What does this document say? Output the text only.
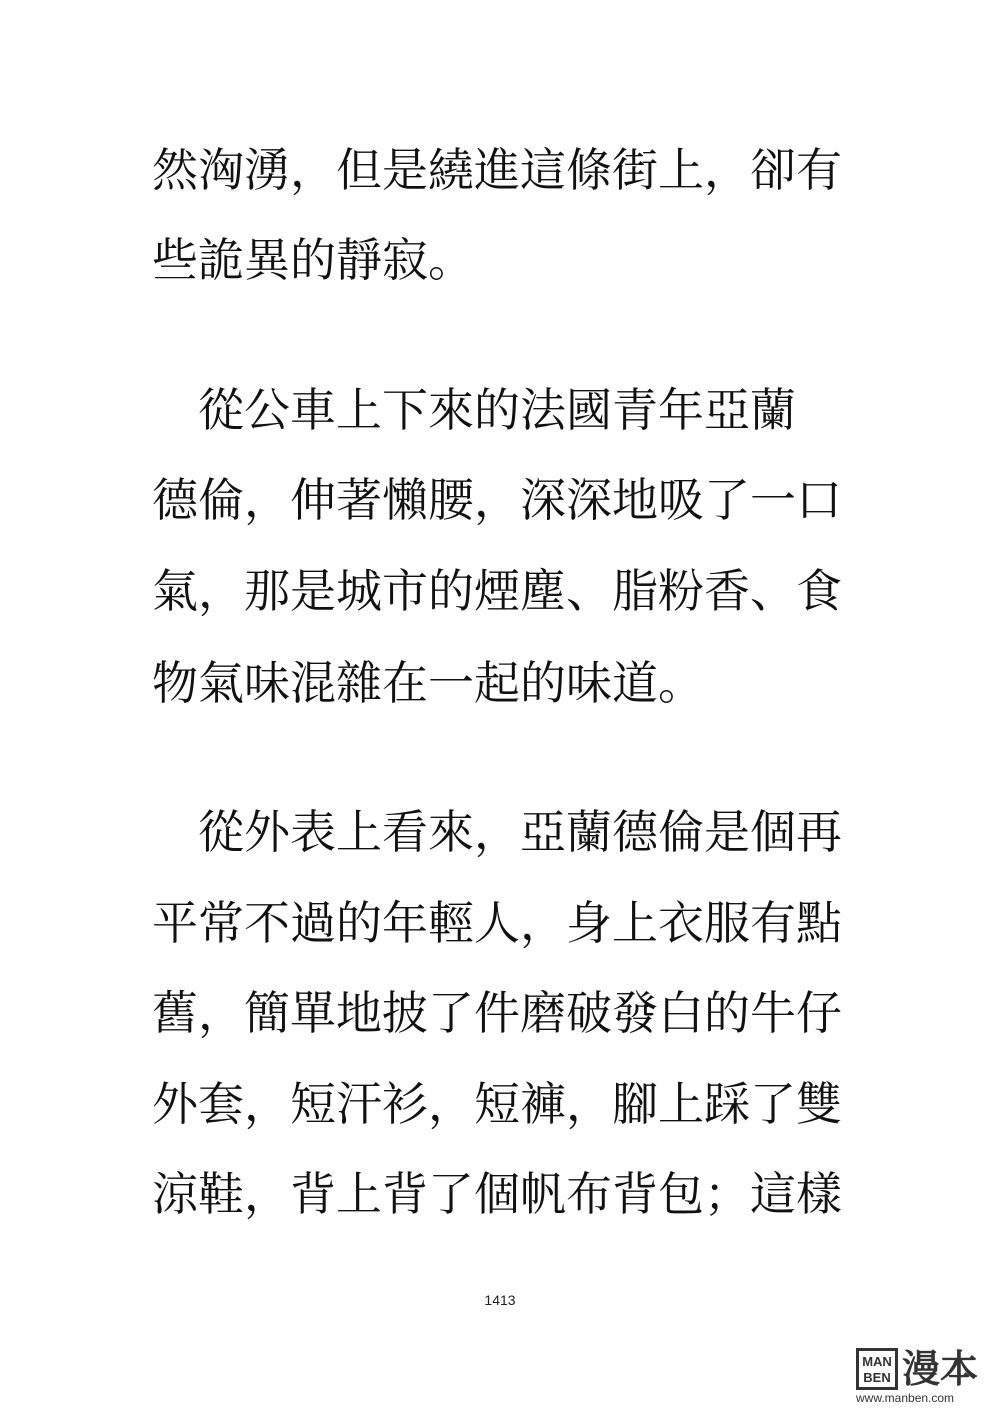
然洶湧，但是繞進這條街上，卻有
些詭異的靜寂。
從公車上下來的法國青年亞蘭
德倫，伸著懶腰，深深地吸了一口
氣，那是城市的煙塵、脂粉香、食
物氣味混雜在一起的味道。
從外表上看來，亞蘭德倫是個再
平常不過的年輕人，身上衣服有點
舊，簡單地披了件磨破發白的牛仔
外套，短汗衫，短褲，腳上踩了雙
涼鞋，背上背了個帆布背包；這樣
1413
MAN
BEN 漫本
www.manben.com
